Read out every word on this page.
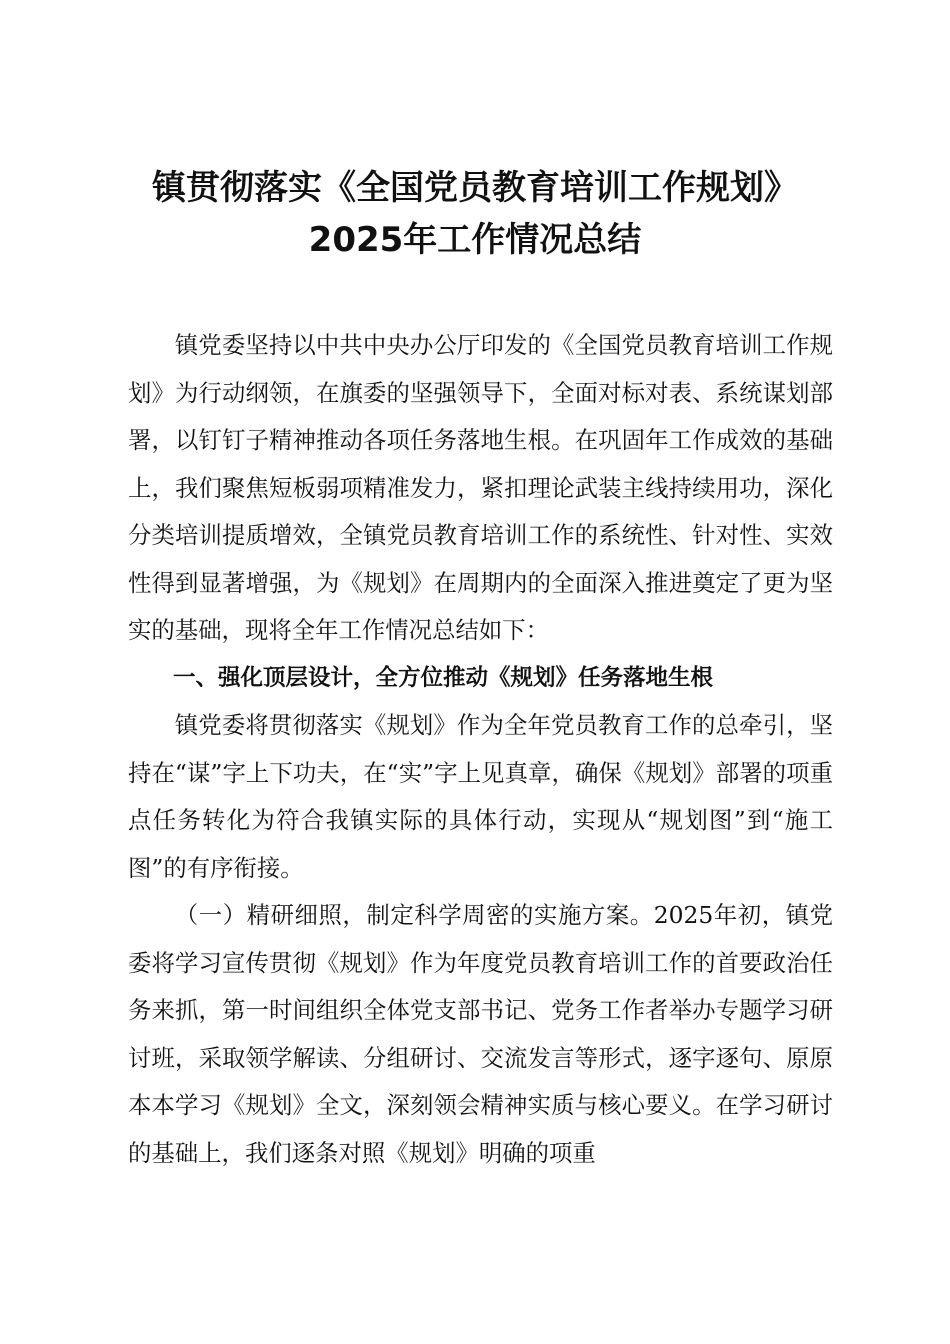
镇贯彻落实《全国党员教育培训工作规划》
2025年工作情况总结

镇党委坚持以中共中央办公厅印发的《全国党员教育培训工作规划》为行动纲领，在旗委的坚强领导下，全面对标对表、系统谋划部署，以钉钉子精神推动各项任务落地生根。在巩固年工作成效的基础上，我们聚焦短板弱项精准发力，紧扣理论武装主线持续用功，深化分类培训提质增效，全镇党员教育培训工作的系统性、针对性、实效性得到显著增强，为《规划》在周期内的全面深入推进奠定了更为坚实的基础，现将全年工作情况总结如下：

一、强化顶层设计，全方位推动《规划》任务落地生根

镇党委将贯彻落实《规划》作为全年党员教育工作的总牵引，坚持在“谋”字上下功夫，在“实”字上见真章，确保《规划》部署的项重点任务转化为符合我镇实际的具体行动，实现从“规划图”到“施工图”的有序衔接。

（一）精研细照，制定科学周密的实施方案。2025年初，镇党委将学习宣传贯彻《规划》作为年度党员教育培训工作的首要政治任务来抓，第一时间组织全体党支部书记、党务工作者举办专题学习研讨班，采取领学解读、分组研讨、交流发言等形式，逐字逐句、原原本本学习《规划》全文，深刻领会精神实质与核心要义。在学习研讨的基础上，我们逐条对照《规划》明确的项重
